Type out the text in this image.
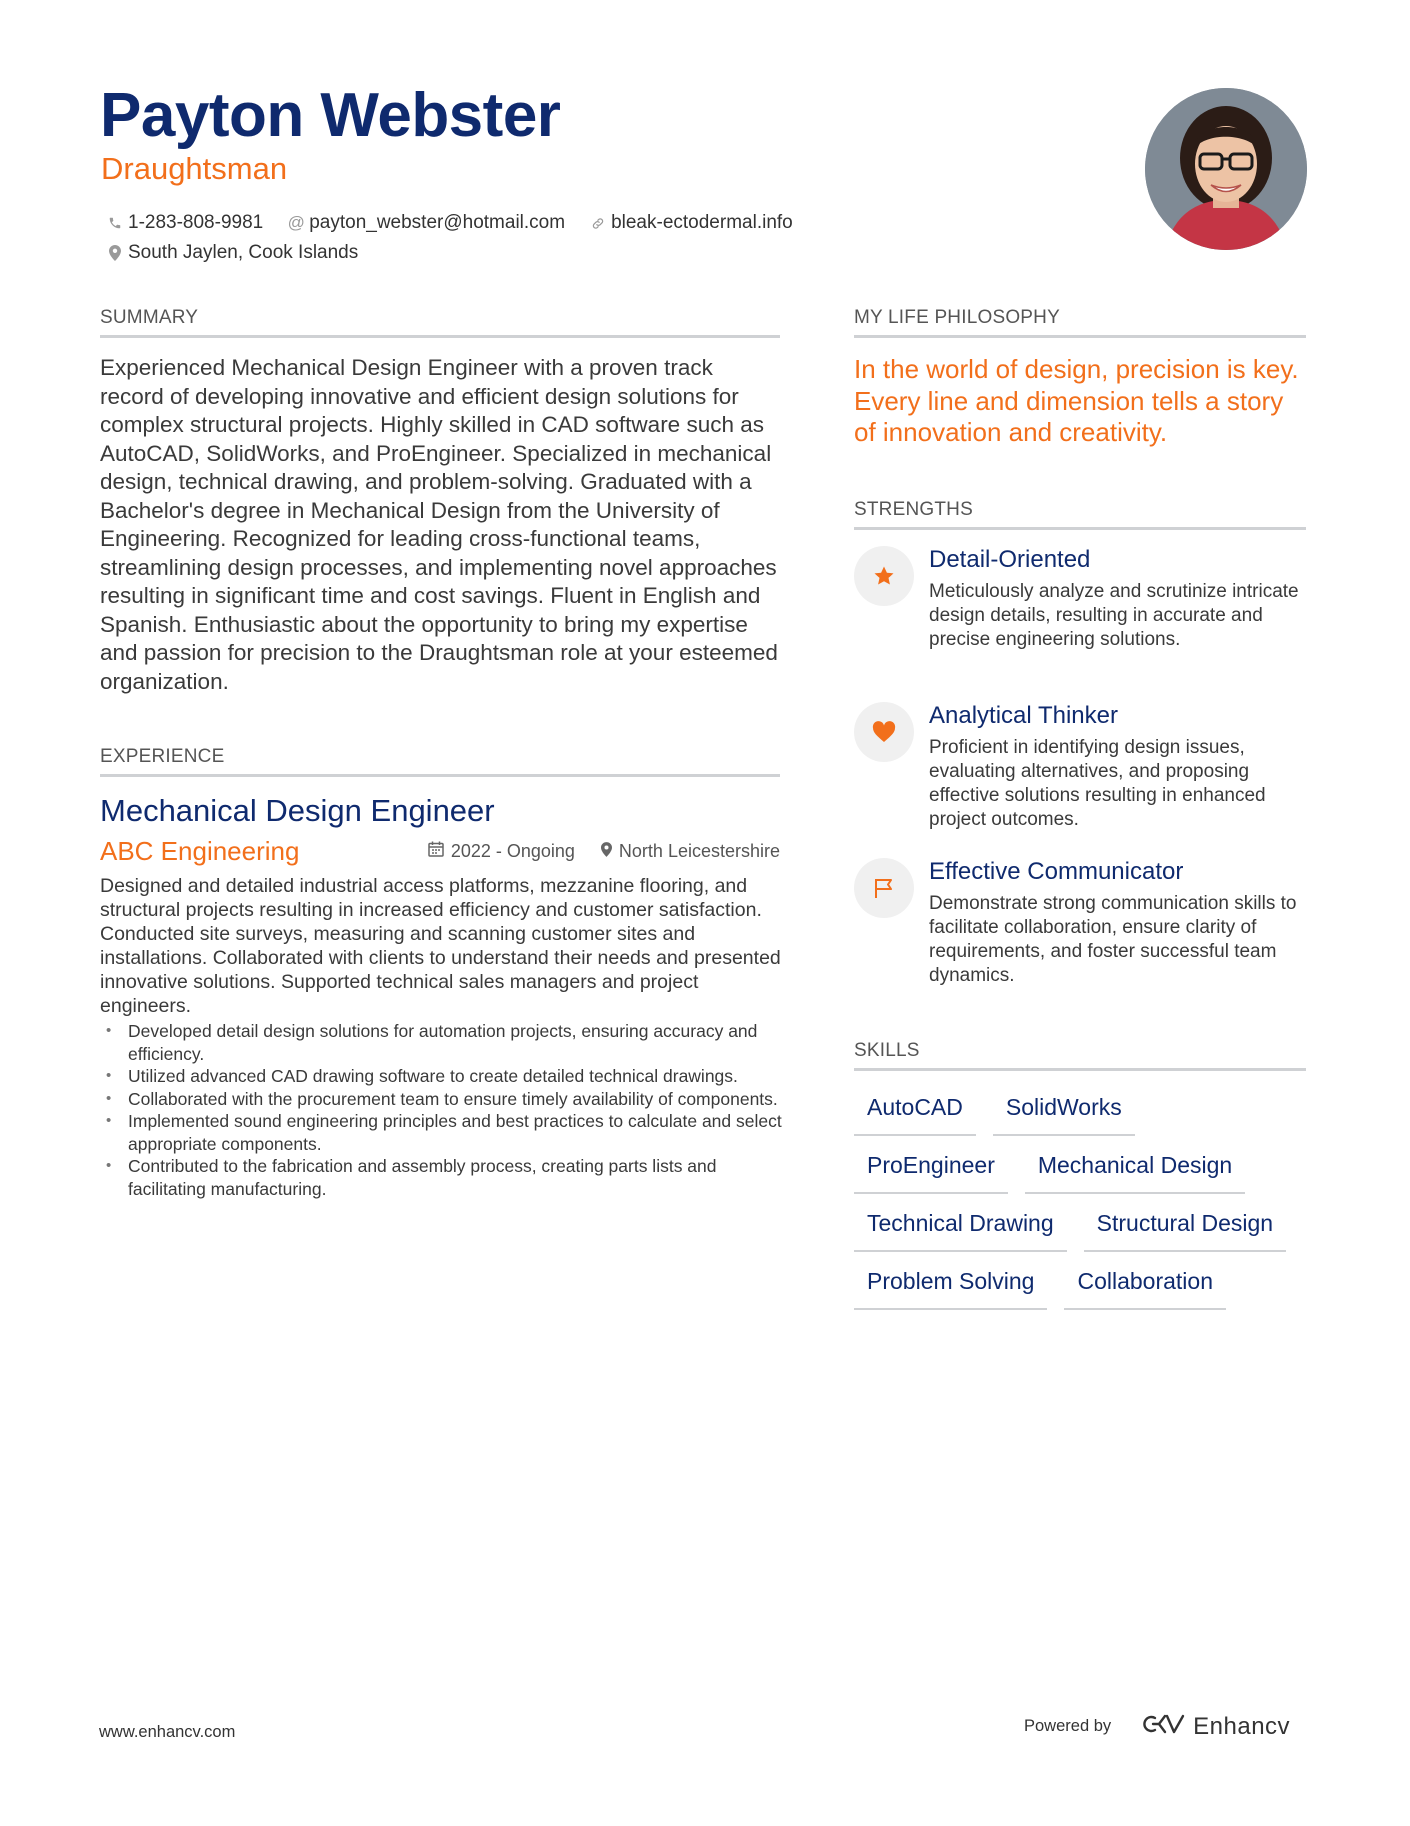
Payton Webster
Draughtsman
1-283-808-9981 @ payton_webster@hotmail.com bleak-ectodermal.info
South Jaylen, Cook Islands
SUMMARY

Experienced Mechanical Design Engineer with a proven track record of developing innovative and efficient design solutions for complex structural projects. Highly skilled in CAD software such as AutoCAD, SolidWorks, and ProEngineer. Specialized in mechanical design, technical drawing, and problem-solving. Graduated with a Bachelor's degree in Mechanical Design from the University of Engineering. Recognized for leading cross-functional teams, streamlining design processes, and implementing novel approaches resulting in significant time and cost savings. Fluent in English and Spanish. Enthusiastic about the opportunity to bring my expertise and passion for precision to the Draughtsman role at your esteemed organization.

EXPERIENCE
Mechanical Design Engineer
ABC Engineering	2022 - Ongoing North Leicestershire

Designed and detailed industrial access platforms, mezzanine flooring, and structural projects resulting in increased efficiency and customer satisfaction. Conducted site surveys, measuring and scanning customer sites and installations. Collaborated with clients to understand their needs and presented innovative solutions. Supported technical sales managers and project engineers.

• Developed detail design solutions for automation projects, ensuring accuracy and efficiency.
• Utilized advanced CAD drawing software to create detailed technical drawings.
• Collaborated with the procurement team to ensure timely availability of components.
• Implemented sound engineering principles and best practices to calculate and select appropriate components.
• Contributed to the fabrication and assembly process, creating parts lists and facilitating manufacturing.
MY LIFE PHILOSOPHY

In the world of design, precision is key. Every line and dimension tells a story of innovation and creativity.

STRENGTHS
Detail-Oriented

Meticulously analyze and scrutinize intricate design details, resulting in accurate and precise engineering solutions.

Analytical Thinker

Proficient in identifying design issues, evaluating alternatives, and proposing effective solutions resulting in enhanced project outcomes.

Effective Communicator

Demonstrate strong communication skills to facilitate collaboration, ensure clarity of requirements, and foster successful team dynamics.

SKILLS
AutoCAD	SolidWorks
ProEngineer	Mechanical Design
Technical Drawing	Structural Design
Problem Solving	Collaboration
www.enhancv.com	Powered by	Enhancv
